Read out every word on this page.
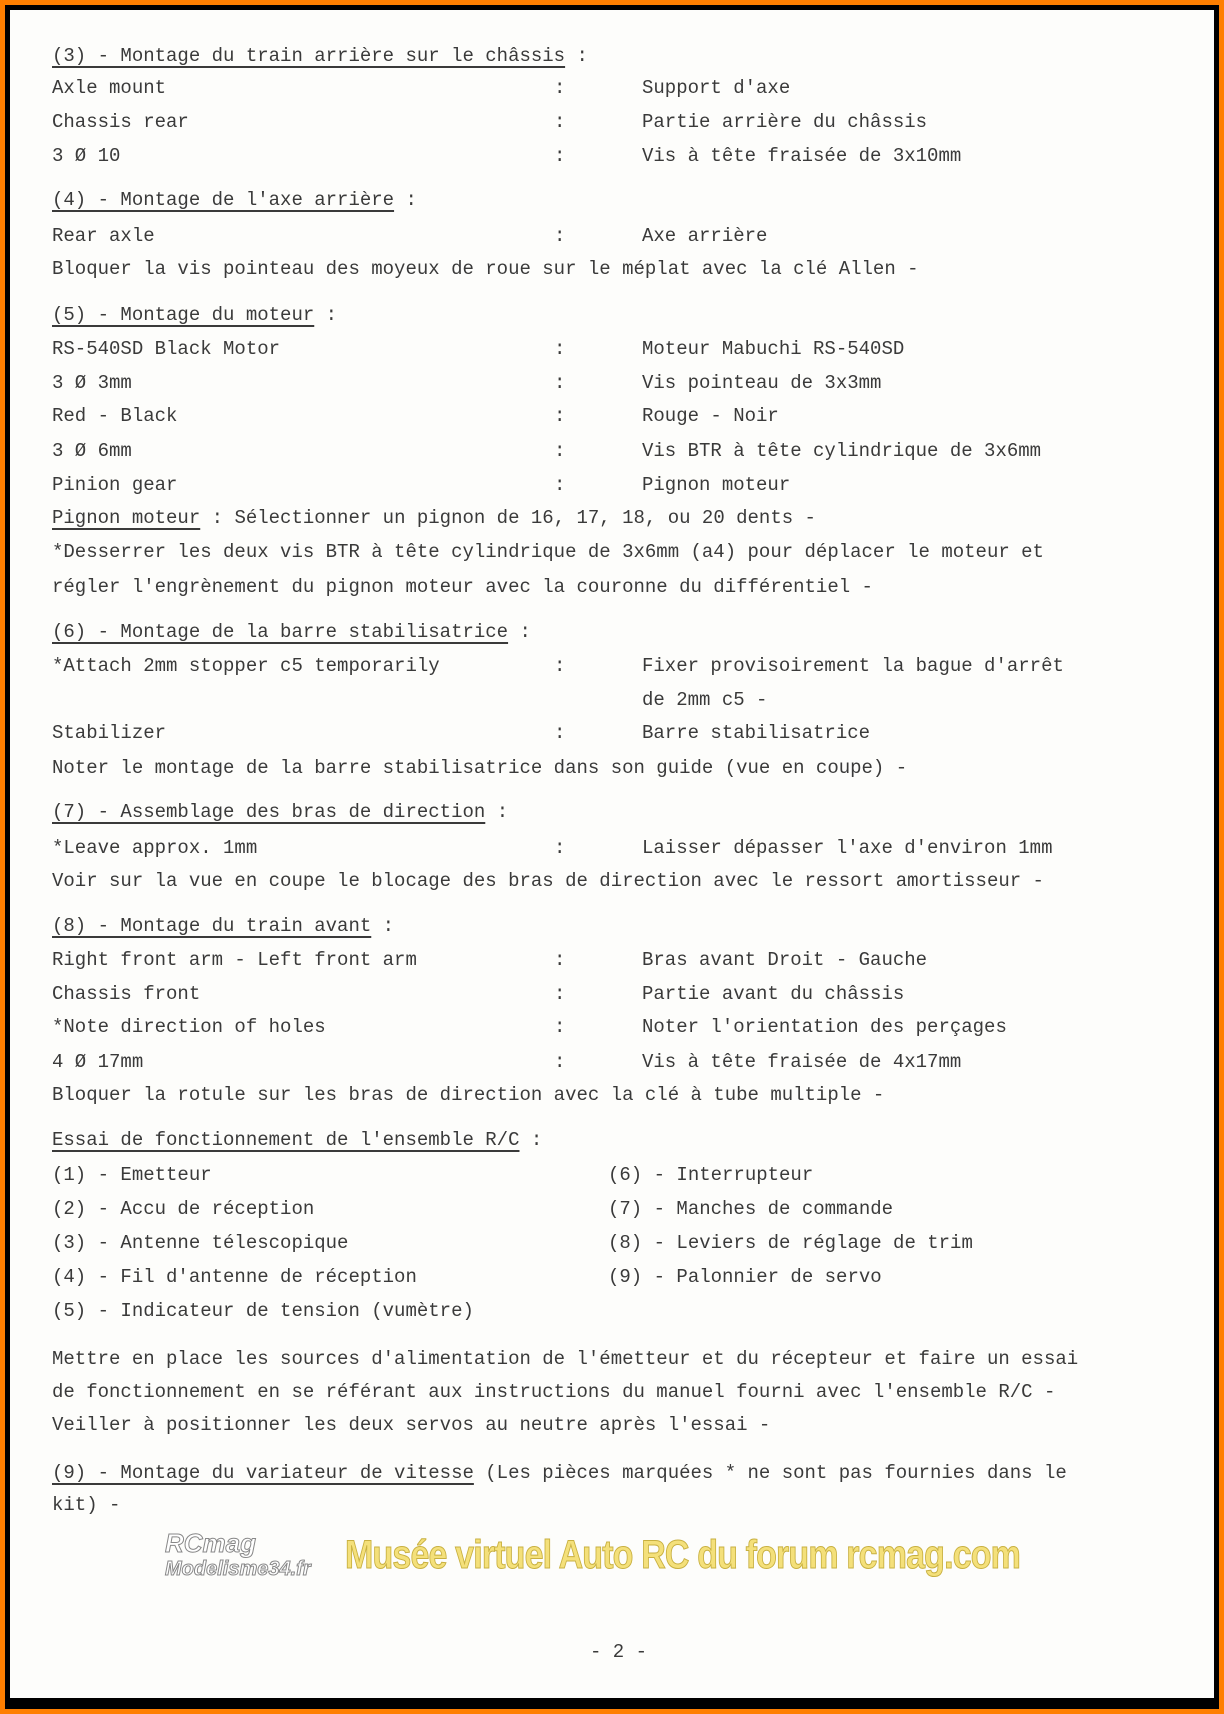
(3) - Montage du train arrière sur le châssis :
Axle mount	:	Support d'axe
Chassis rear	:	Partie arrière du châssis
3 Ø 10	:	Vis à tête fraisée de 3x10mm
(4) - Montage de l'axe arrière :
Rear axle	:	Axe arrière
Bloquer la vis pointeau des moyeux de roue sur le méplat avec la clé Allen -
(5) - Montage du moteur :
RS-540SD Black Motor	:	Moteur Mabuchi RS-540SD
3 Ø 3mm	:	Vis pointeau de 3x3mm
Red - Black	:	Rouge - Noir
3 Ø 6mm	:	Vis BTR à tête cylindrique de 3x6mm
Pinion gear	:	Pignon moteur
Pignon moteur : Sélectionner un pignon de 16, 17, 18, ou 20 dents -
*Desserrer les deux vis BTR à tête cylindrique de 3x6mm (a4) pour déplacer le moteur et
régler l'engrènement du pignon moteur avec la couronne du différentiel -
(6) - Montage de la barre stabilisatrice :
*Attach 2mm stopper c5 temporarily	:	Fixer provisoirement la bague d'arrêt
de 2mm c5 -
Stabilizer	:	Barre stabilisatrice
Noter le montage de la barre stabilisatrice dans son guide (vue en coupe) -
(7) - Assemblage des bras de direction :
*Leave approx. 1mm	:	Laisser dépasser l'axe d'environ 1mm
Voir sur la vue en coupe le blocage des bras de direction avec le ressort amortisseur -
(8) - Montage du train avant :
Right front arm - Left front arm	:	Bras avant Droit - Gauche
Chassis front	:	Partie avant du châssis
*Note direction of holes	:	Noter l'orientation des perçages
4 Ø 17mm	:	Vis à tête fraisée de 4x17mm
Bloquer la rotule sur les bras de direction avec la clé à tube multiple -
Essai de fonctionnement de l'ensemble R/C :
(1) - Emetteur	(6) - Interrupteur
(2) - Accu de réception	(7) - Manches de commande
(3) - Antenne télescopique	(8) - Leviers de réglage de trim
(4) - Fil d'antenne de réception	(9) - Palonnier de servo
(5) - Indicateur de tension (vumètre)
Mettre en place les sources d'alimentation de l'émetteur et du récepteur et faire un essai
de fonctionnement en se référant aux instructions du manuel fourni avec l'ensemble R/C -
Veiller à positionner les deux servos au neutre après l'essai -
(9) - Montage du variateur de vitesse (Les pièces marquées * ne sont pas fournies dans le
kit) -
RCmag
Modelisme34.fr Musée virtuel Auto RC du forum rcmag.com
- 2 -
